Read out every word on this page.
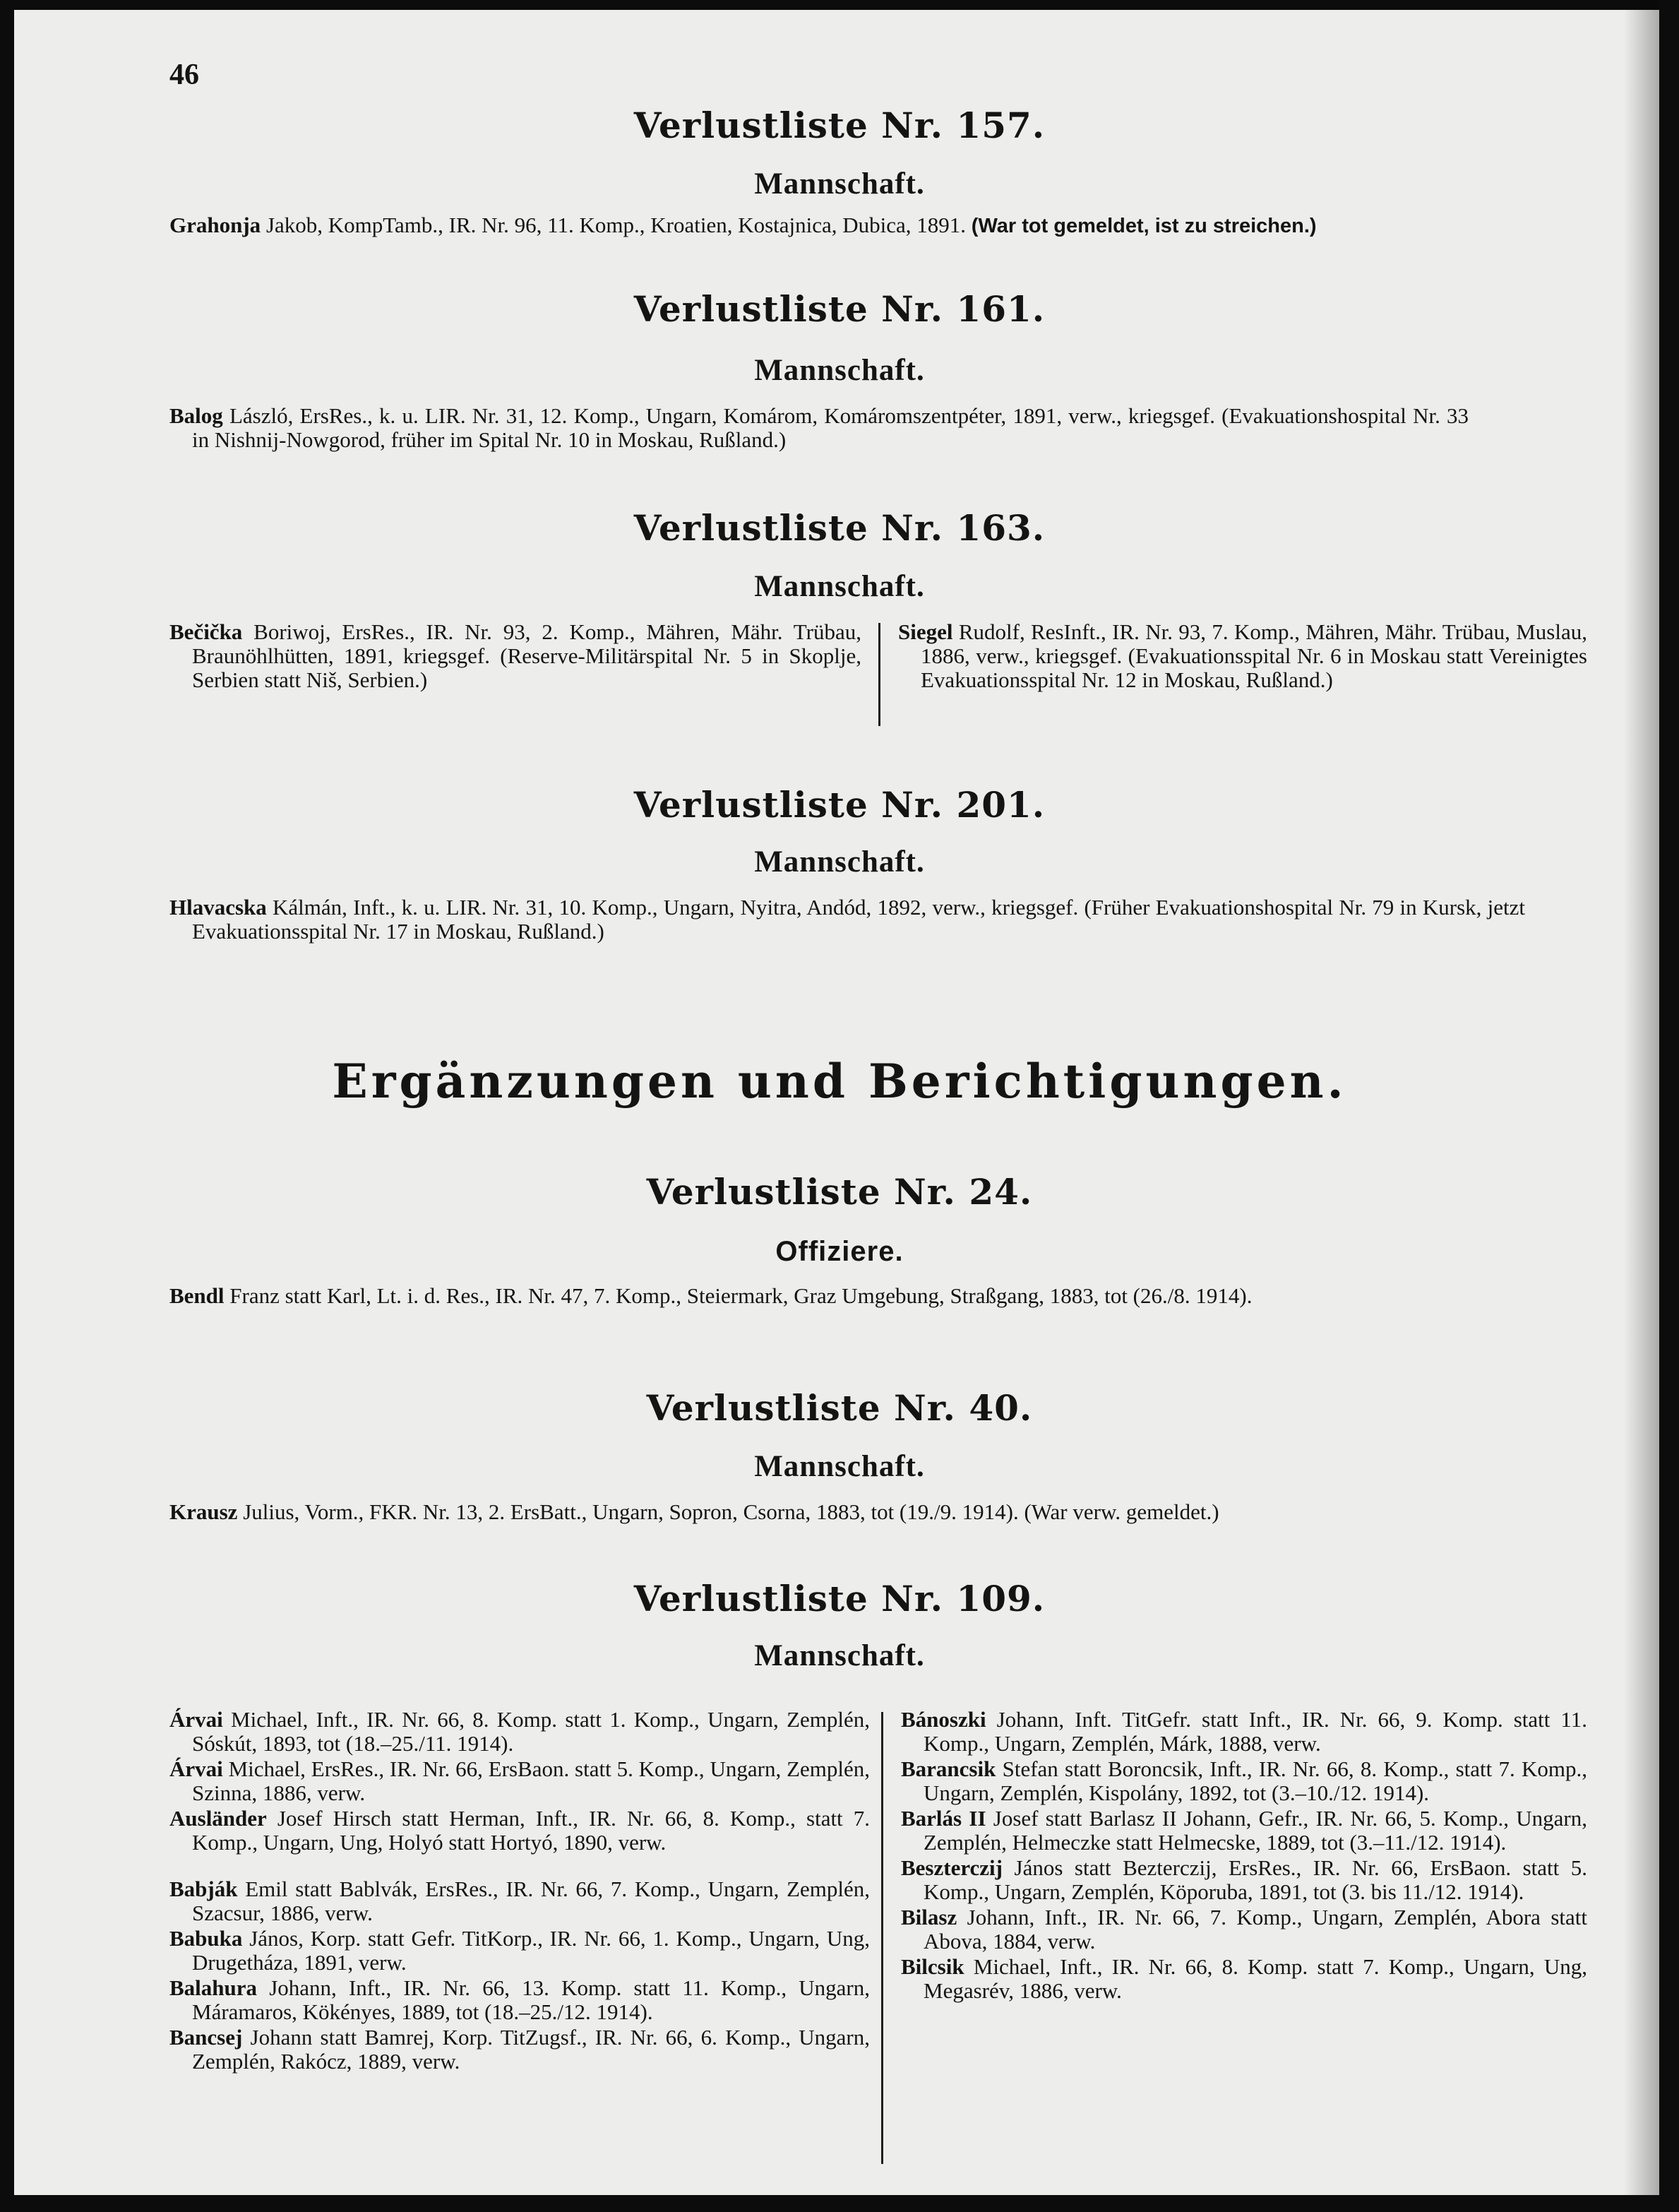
46
Verlustliste Nr. 157.
Mannschaft.

Grahonja Jakob, KompTamb., IR. Nr. 96, 11. Komp., Kroatien, Kostajnica, Dubica, 1891. (War tot gemeldet, ist zu streichen.)

Verlustliste Nr. 161.
Mannschaft.

Balog László, ErsRes., k. u. LIR. Nr. 31, 12. Komp., Ungarn, Komárom, Komáromszentpéter, 1891, verw., kriegsgef. (Evakuationshospital Nr. 33 in Nishnij-Nowgorod, früher im Spital Nr. 10 in Moskau, Rußland.)

Verlustliste Nr. 163.
Mannschaft.

Bečička Boriwoj, ErsRes., IR. Nr. 93, 2. Komp., Mähren, Mähr. Trübau, Braunöhlhütten, 1891, kriegsgef. (Reserve-Militärspital Nr. 5 in Skoplje, Serbien statt Niš, Serbien.)

Siegel Rudolf, ResInft., IR. Nr. 93, 7. Komp., Mähren, Mähr. Trübau, Muslau, 1886, verw., kriegsgef. (Evakuationsspital Nr. 6 in Moskau statt Vereinigtes Evakuationsspital Nr. 12 in Moskau, Rußland.)

Verlustliste Nr. 201.
Mannschaft.

Hlavacska Kálmán, Inft., k. u. LIR. Nr. 31, 10. Komp., Ungarn, Nyitra, Andód, 1892, verw., kriegsgef. (Früher Evakuationshospital Nr. 79 in Kursk, jetzt Evakuationsspital Nr. 17 in Moskau, Rußland.)

Ergänzungen und Berichtigungen.
Verlustliste Nr. 24.
Offiziere.

Bendl Franz statt Karl, Lt. i. d. Res., IR. Nr. 47, 7. Komp., Steiermark, Graz Umgebung, Straßgang, 1883, tot (26./8. 1914).

Verlustliste Nr. 40.
Mannschaft.

Krausz Julius, Vorm., FKR. Nr. 13, 2. ErsBatt., Ungarn, Sopron, Csorna, 1883, tot (19./9. 1914). (War verw. gemeldet.)

Verlustliste Nr. 109.
Mannschaft.

Árvai Michael, Inft., IR. Nr. 66, 8. Komp. statt 1. Komp., Ungarn, Zemplén, Sóskút, 1893, tot (18.–25./11. 1914).

Árvai Michael, ErsRes., IR. Nr. 66, ErsBaon. statt 5. Komp., Ungarn, Zemplén, Szinna, 1886, verw.

Ausländer Josef Hirsch statt Herman, Inft., IR. Nr. 66, 8. Komp., statt 7. Komp., Ungarn, Ung, Holyó statt Hortyó, 1890, verw.

Babják Emil statt Bablvák, ErsRes., IR. Nr. 66, 7. Komp., Ungarn, Zemplén, Szacsur, 1886, verw.

Babuka János, Korp. statt Gefr. TitKorp., IR. Nr. 66, 1. Komp., Ungarn, Ung, Drugetháza, 1891, verw.

Balahura Johann, Inft., IR. Nr. 66, 13. Komp. statt 11. Komp., Ungarn, Máramaros, Kökényes, 1889, tot (18.–25./12. 1914).

Bancsej Johann statt Bamrej, Korp. TitZugsf., IR. Nr. 66, 6. Komp., Ungarn, Zemplén, Rakócz, 1889, verw.

Bánoszki Johann, Inft. TitGefr. statt Inft., IR. Nr. 66, 9. Komp. statt 11. Komp., Ungarn, Zemplén, Márk, 1888, verw.

Barancsik Stefan statt Boroncsik, Inft., IR. Nr. 66, 8. Komp., statt 7. Komp., Ungarn, Zemplén, Kispolány, 1892, tot (3.–10./12. 1914).

Barlás II Josef statt Barlasz II Johann, Gefr., IR. Nr. 66, 5. Komp., Ungarn, Zemplén, Helmeczke statt Helmecske, 1889, tot (3.–11./12. 1914).

Beszterczij János statt Bezterczij, ErsRes., IR. Nr. 66, ErsBaon. statt 5. Komp., Ungarn, Zemplén, Köporuba, 1891, tot (3. bis 11./12. 1914).

Bilasz Johann, Inft., IR. Nr. 66, 7. Komp., Ungarn, Zemplén, Abora statt Abova, 1884, verw.

Bilcsik Michael, Inft., IR. Nr. 66, 8. Komp. statt 7. Komp., Ungarn, Ung, Megasrév, 1886, verw.
